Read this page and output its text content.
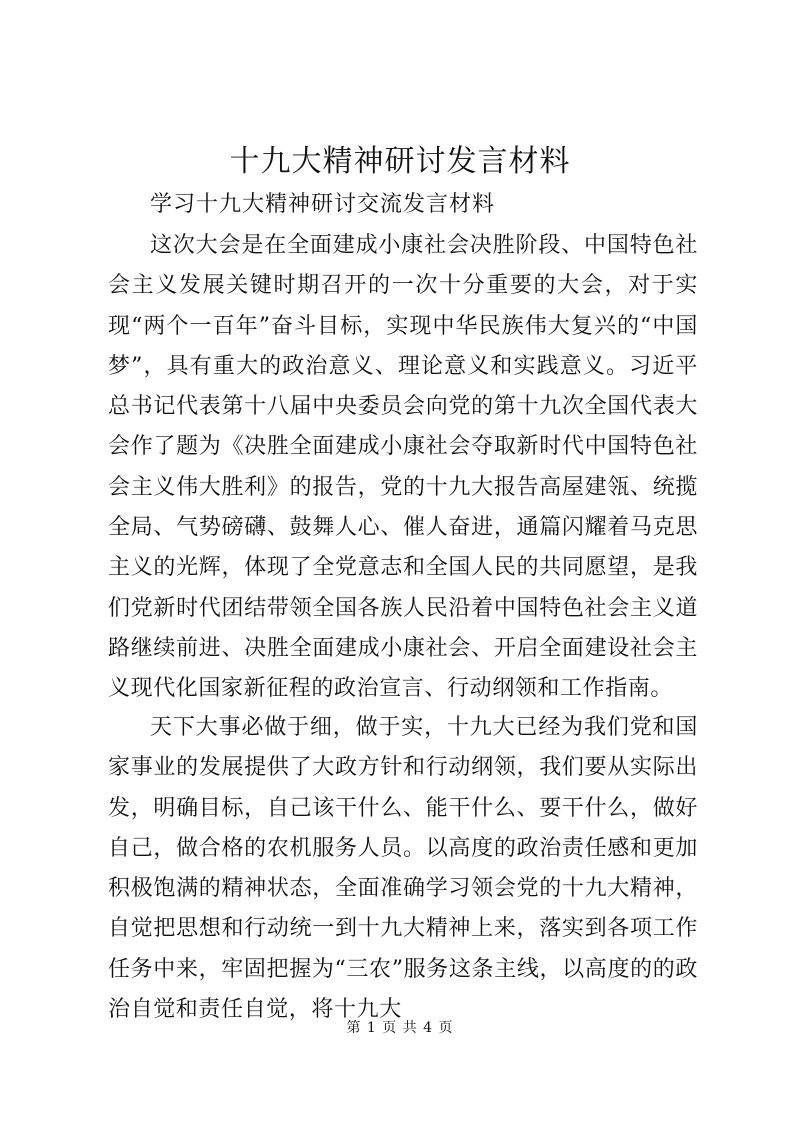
十九大精神研讨发言材料

学习十九大精神研讨交流发言材料

这次大会是在全面建成小康社会决胜阶段、中国特色社会主义发展关键时期召开的一次十分重要的大会，对于实现“两个一百年”奋斗目标，实现中华民族伟大复兴的“中国梦”，具有重大的政治意义、理论意义和实践意义。习近平总书记代表第十八届中央委员会向党的第十九次全国代表大会作了题为《决胜全面建成小康社会夺取新时代中国特色社会主义伟大胜利》的报告，党的十九大报告高屋建瓴、统揽全局、气势磅礴、鼓舞人心、催人奋进，通篇闪耀着马克思主义的光辉，体现了全党意志和全国人民的共同愿望，是我们党新时代团结带领全国各族人民沿着中国特色社会主义道路继续前进、决胜全面建成小康社会、开启全面建设社会主义现代化国家新征程的政治宣言、行动纲领和工作指南。

天下大事必做于细，做于实，十九大已经为我们党和国家事业的发展提供了大政方针和行动纲领，我们要从实际出发，明确目标，自己该干什么、能干什么、要干什么，做好自己，做合格的农机服务人员。以高度的政治责任感和更加积极饱满的精神状态，全面准确学习领会党的十九大精神，自觉把思想和行动统一到十九大精神上来，落实到各项工作任务中来，牢固把握为“三农”服务这条主线，以高度的的政治自觉和责任自觉，将十九大

第 1 页 共 4 页
